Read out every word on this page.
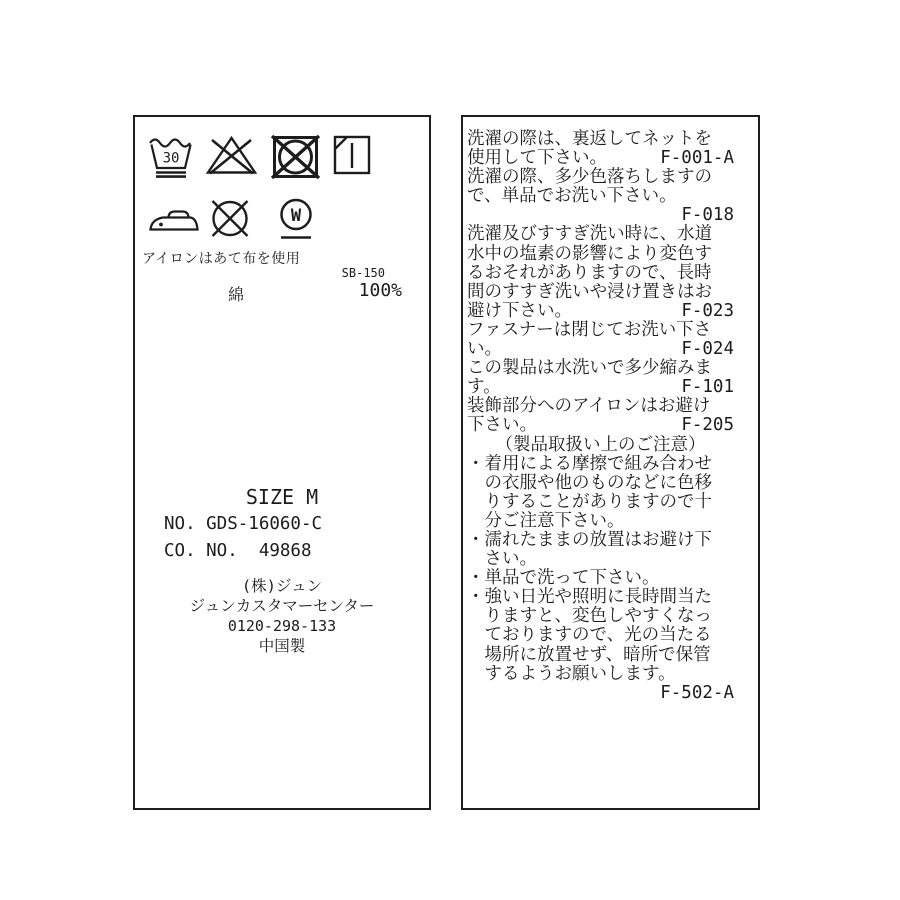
30
W
アイロンはあて布を使用
SB-150
綿	100%
SIZE M
NO. GDS-16060-C
CO. NO.  49868
(株)ジュン
ジュンカスタマーセンター
0120-298-133
中国製
洗濯の際は、裏返してネットを
使用して下さい。	F-001-A
洗濯の際、多少色落ちしますの
で、単品でお洗い下さい。
F-018
洗濯及びすすぎ洗い時に、水道
水中の塩素の影響により変色す
るおそれがありますので、長時
間のすすぎ洗いや浸け置きはお
避け下さい。	F-023
ファスナーは閉じてお洗い下さ
い。	F-024
この製品は水洗いで多少縮みま
す。	F-101
装飾部分へのアイロンはお避け
下さい。	F-205
（製品取扱い上のご注意）
・着用による摩擦で組み合わせ
　の衣服や他のものなどに色移
　りすることがありますので十
　分ご注意下さい。
・濡れたままの放置はお避け下
　さい。
・単品で洗って下さい。
・強い日光や照明に長時間当た
　りますと、変色しやすくなっ
　ておりますので、光の当たる
　場所に放置せず、暗所で保管
　するようお願いします。
F-502-A
